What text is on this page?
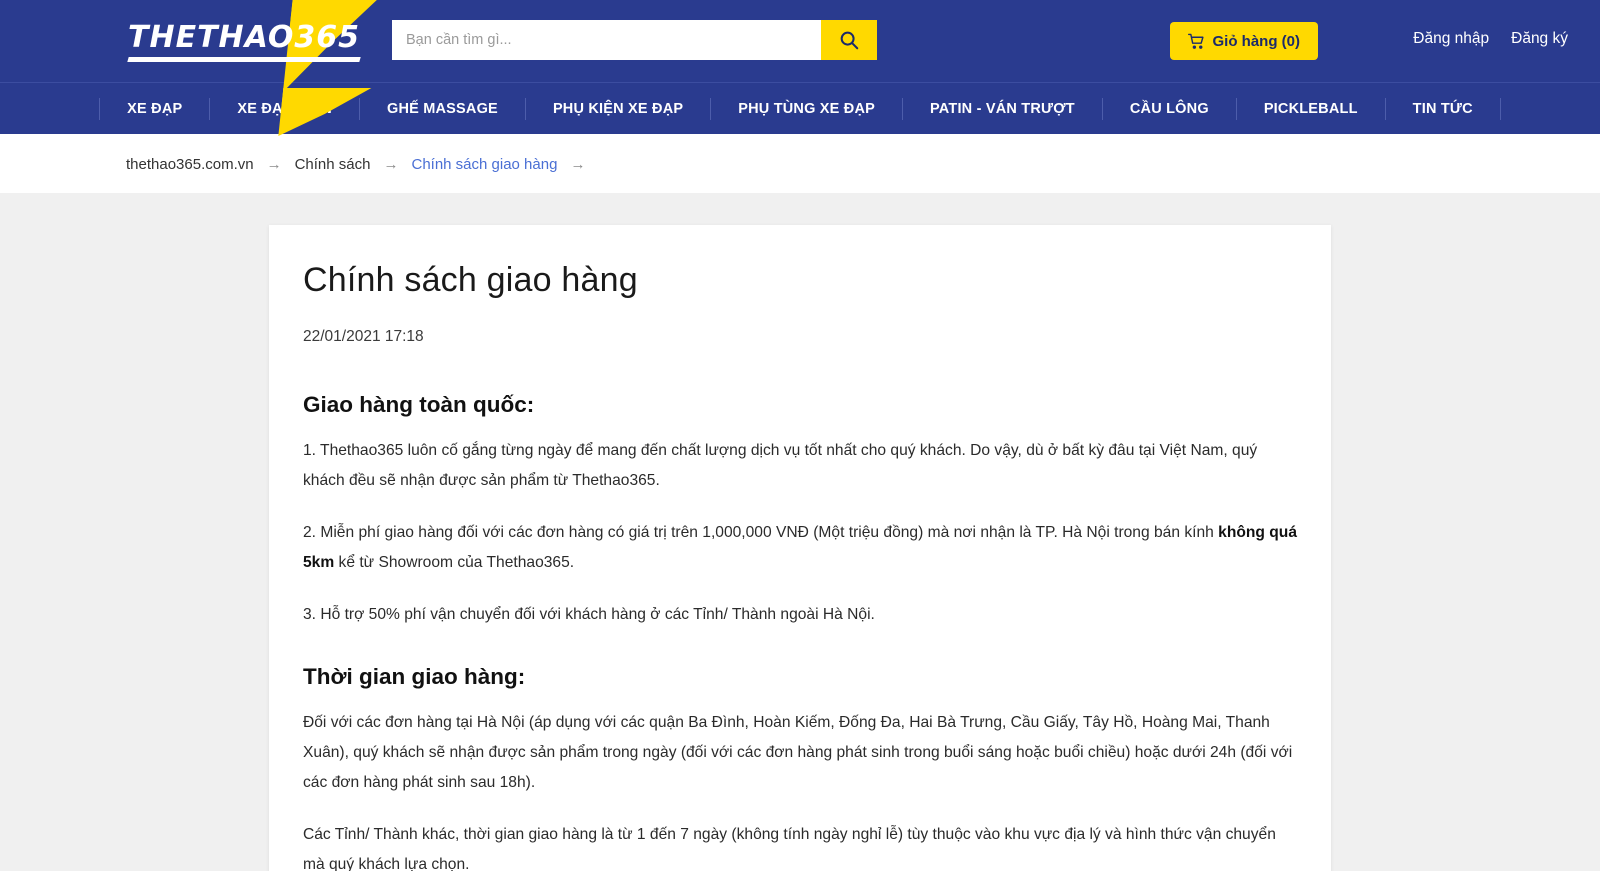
THETHAO365
Bạn cần tìm gì...	Giỏ hàng (0)	Đăng nhập Đăng ký
XE ĐẠP	XE ĐẠP ĐIỆN	GHẾ MASSAGE	PHỤ KIỆN XE ĐẠP	PHỤ TÙNG XE ĐẠP	PATIN - VÁN TRƯỢT	CẦU LÔNG	PICKLEBALL	TIN TỨC
thethao365.com.vn → Chính sách → Chính sách giao hàng →
Chính sách giao hàng
22/01/2021 17:18
Giao hàng toàn quốc:

1. Thethao365 luôn cố gắng từng ngày để mang đến chất lượng dịch vụ tốt nhất cho quý khách. Do vậy, dù ở bất kỳ đâu tại Việt Nam, quý khách đều sẽ nhận được sản phẩm từ Thethao365.

2. Miễn phí giao hàng đối với các đơn hàng có giá trị trên 1,000,000 VNĐ (Một triệu đồng) mà nơi nhận là TP. Hà Nội trong bán kính không quá 5km kể từ Showroom của Thethao365.

3. Hỗ trợ 50% phí vận chuyển đối với khách hàng ở các Tỉnh/ Thành ngoài Hà Nội.

Thời gian giao hàng:

Đối với các đơn hàng tại Hà Nội (áp dụng với các quận Ba Đình, Hoàn Kiếm, Đống Đa, Hai Bà Trưng, Cầu Giấy, Tây Hồ, Hoàng Mai, Thanh Xuân), quý khách sẽ nhận được sản phẩm trong ngày (đối với các đơn hàng phát sinh trong buổi sáng hoặc buổi chiều) hoặc dưới 24h (đối với các đơn hàng phát sinh sau 18h).

Các Tỉnh/ Thành khác, thời gian giao hàng là từ 1 đến 7 ngày (không tính ngày nghỉ lễ) tùy thuộc vào khu vực địa lý và hình thức vận chuyển mà quý khách lựa chọn.
